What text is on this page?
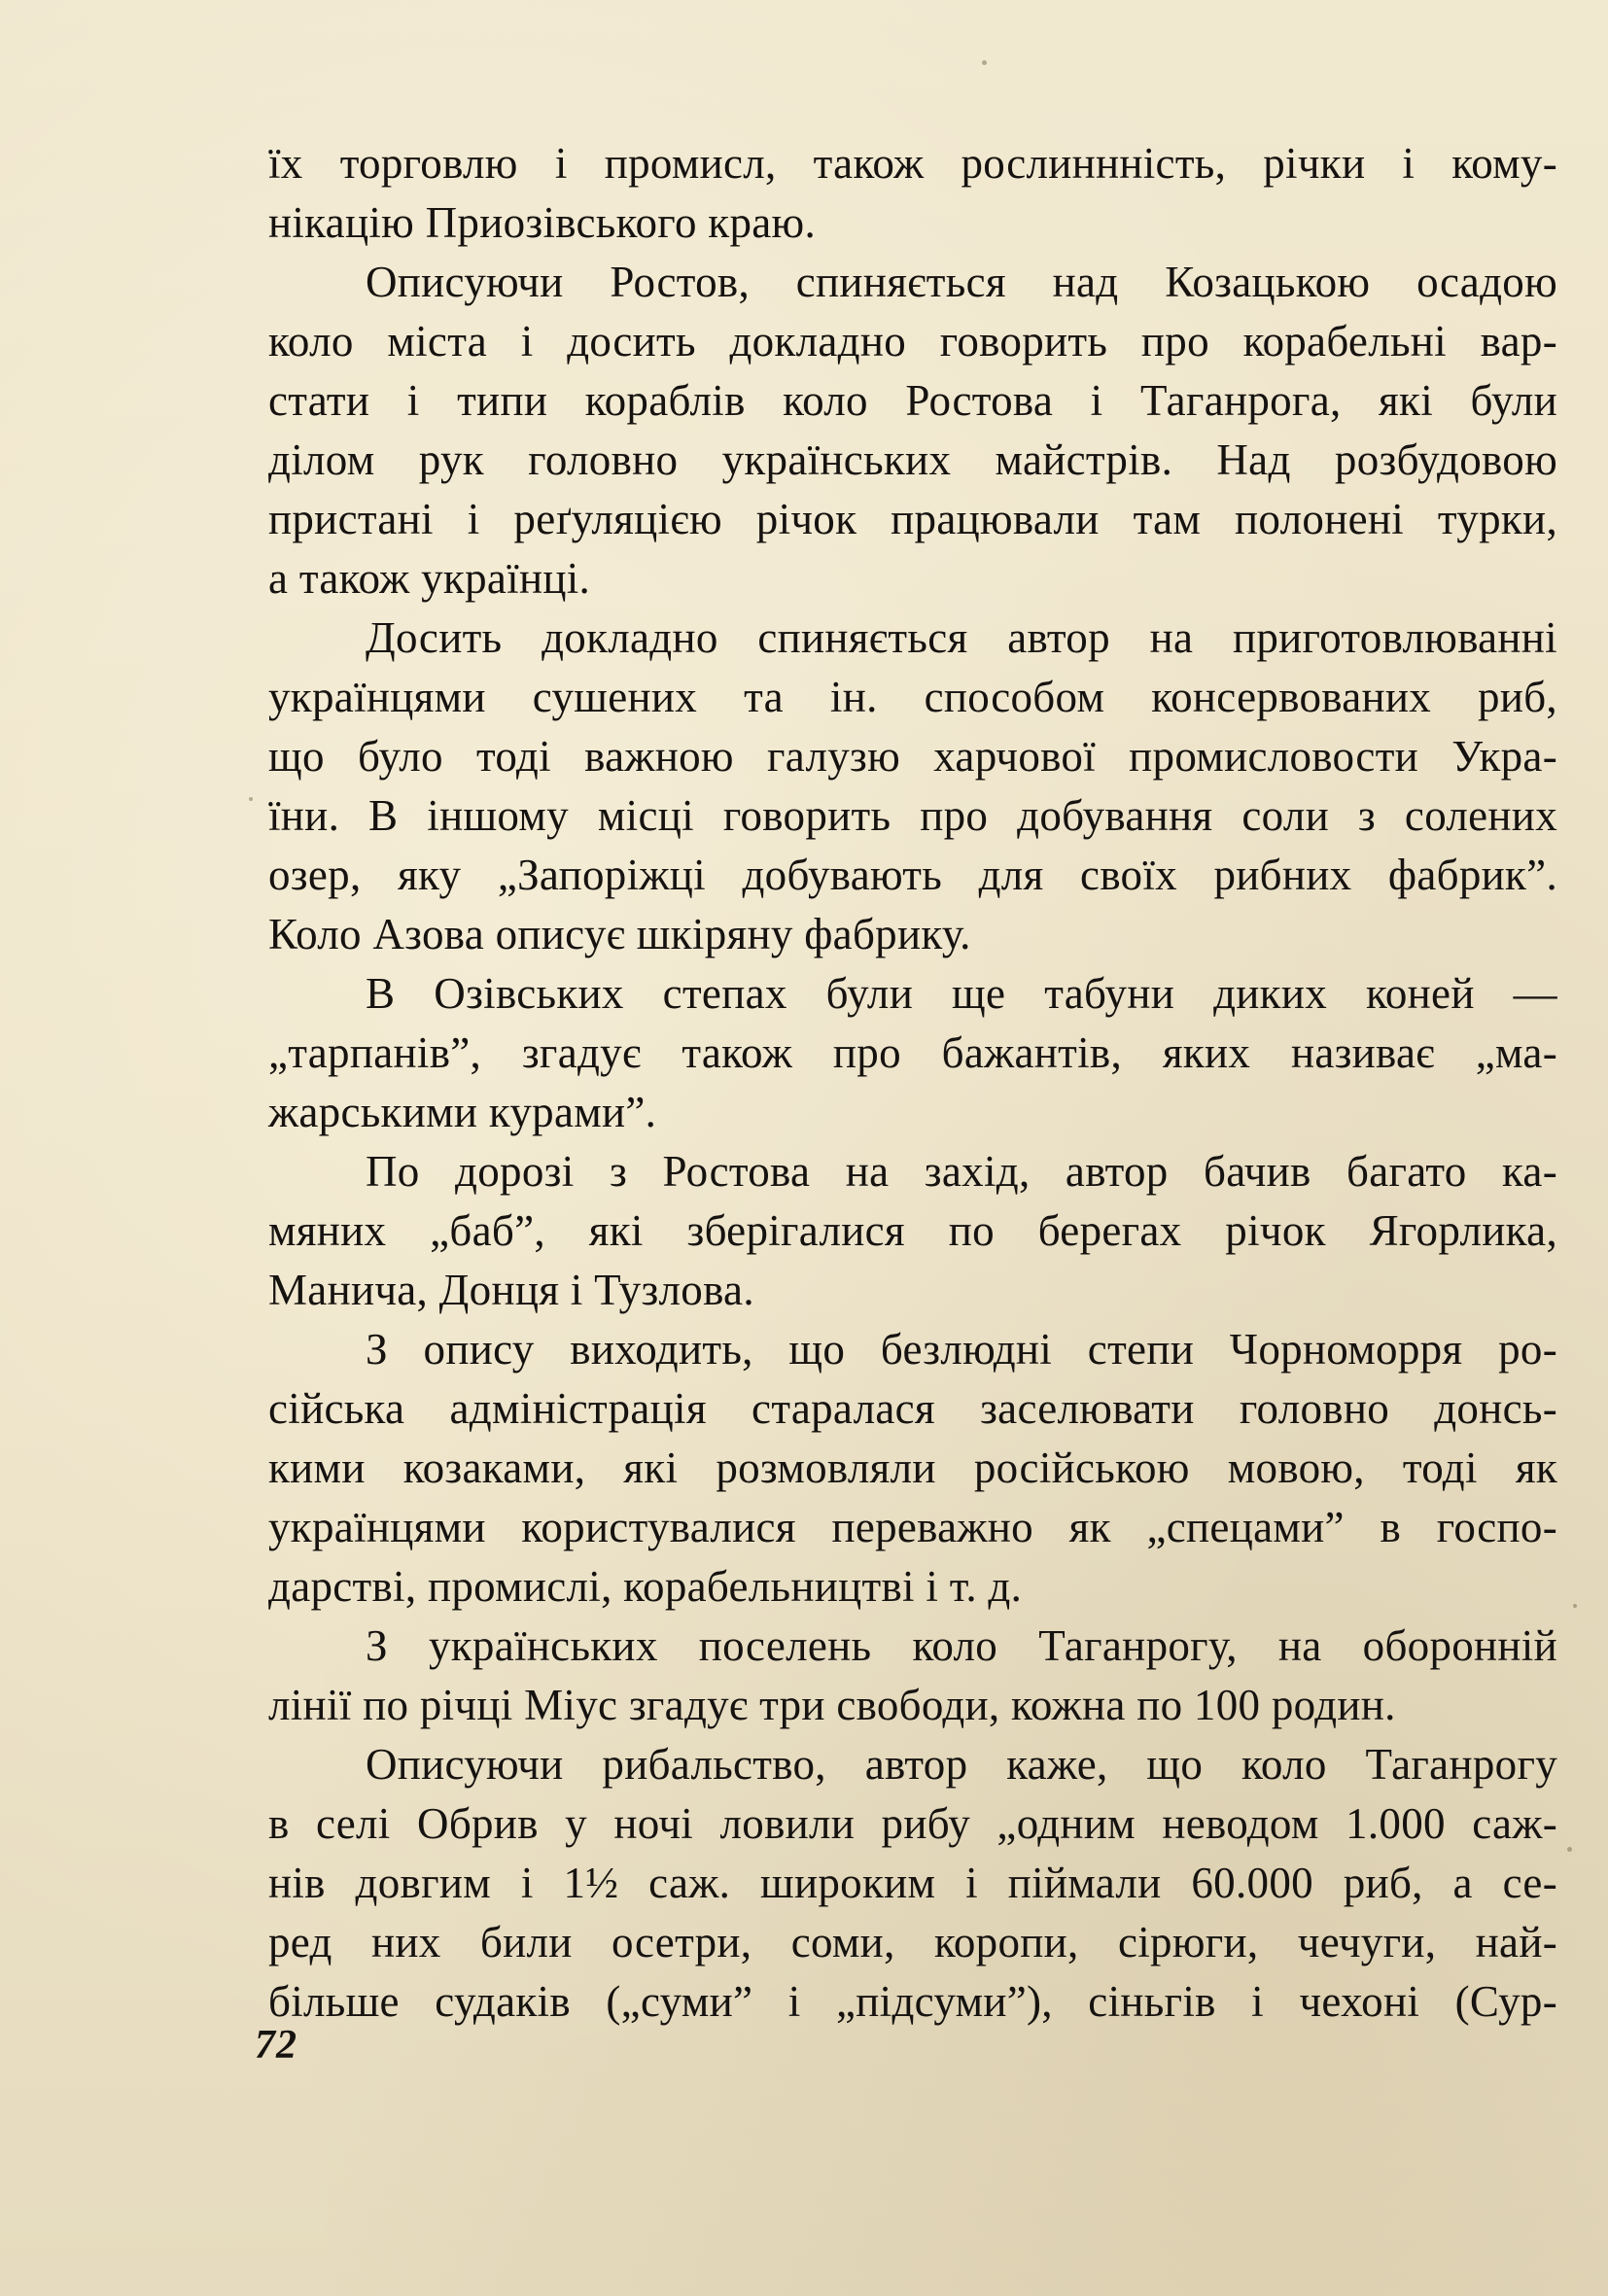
їх торговлю і промисл, також рослиннність, річки і кому-
нікацію Приозівського краю.
Описуючи Ростов, спиняється над Козацькою осадою
коло міста і досить докладно говорить про корабельні вар-
стати і типи кораблів коло Ростова і Таганрога, які були
ділом рук головно українських майстрів. Над розбудовою
пристані і реґуляцією річок працювали там полонені турки,
а також українці.
Досить докладно спиняється автор на приготовлюванні
українцями сушених та ін. способом консервованих риб,
що було тоді важною галузю харчової промисловости Укра-
їни. В іншому місці говорить про добування соли з солених
озер, яку „Запоріжці добувають для своїх рибних фабрик”.
Коло Азова описує шкіряну фабрику.
В Озівських степах були ще табуни диких коней —
„тарпанів”, згадує також про бажантів, яких називає „ма-
жарськими курами”.
По дорозі з Ростова на захід, автор бачив багато ка-
мяних „баб”, які зберігалися по берегах річок Ягорлика,
Манича, Донця і Тузлова.
З опису виходить, що безлюдні степи Чорноморря ро-
сійська адміністрація старалася заселювати головно донсь-
кими козаками, які розмовляли російською мовою, тоді як
українцями користувалися переважно як „спецами” в госпо-
дарстві, промислі, корабельництві і т. д.
З українських поселень коло Таганрогу, на оборонній
лінії по річці Міус згадує три свободи, кожна по 100 родин.
Описуючи рибальство, автор каже, що коло Таганрогу
в селі Обрив у ночі ловили рибу „одним неводом 1.000 саж-
нів довгим і 1½ саж. широким і піймали 60.000 риб, а се-
ред них били осетри, соми, коропи, сірюги, чечуги, най-
більше судаків („суми” і „підсуми”), сіньгів і чехоні (Сур-
72
